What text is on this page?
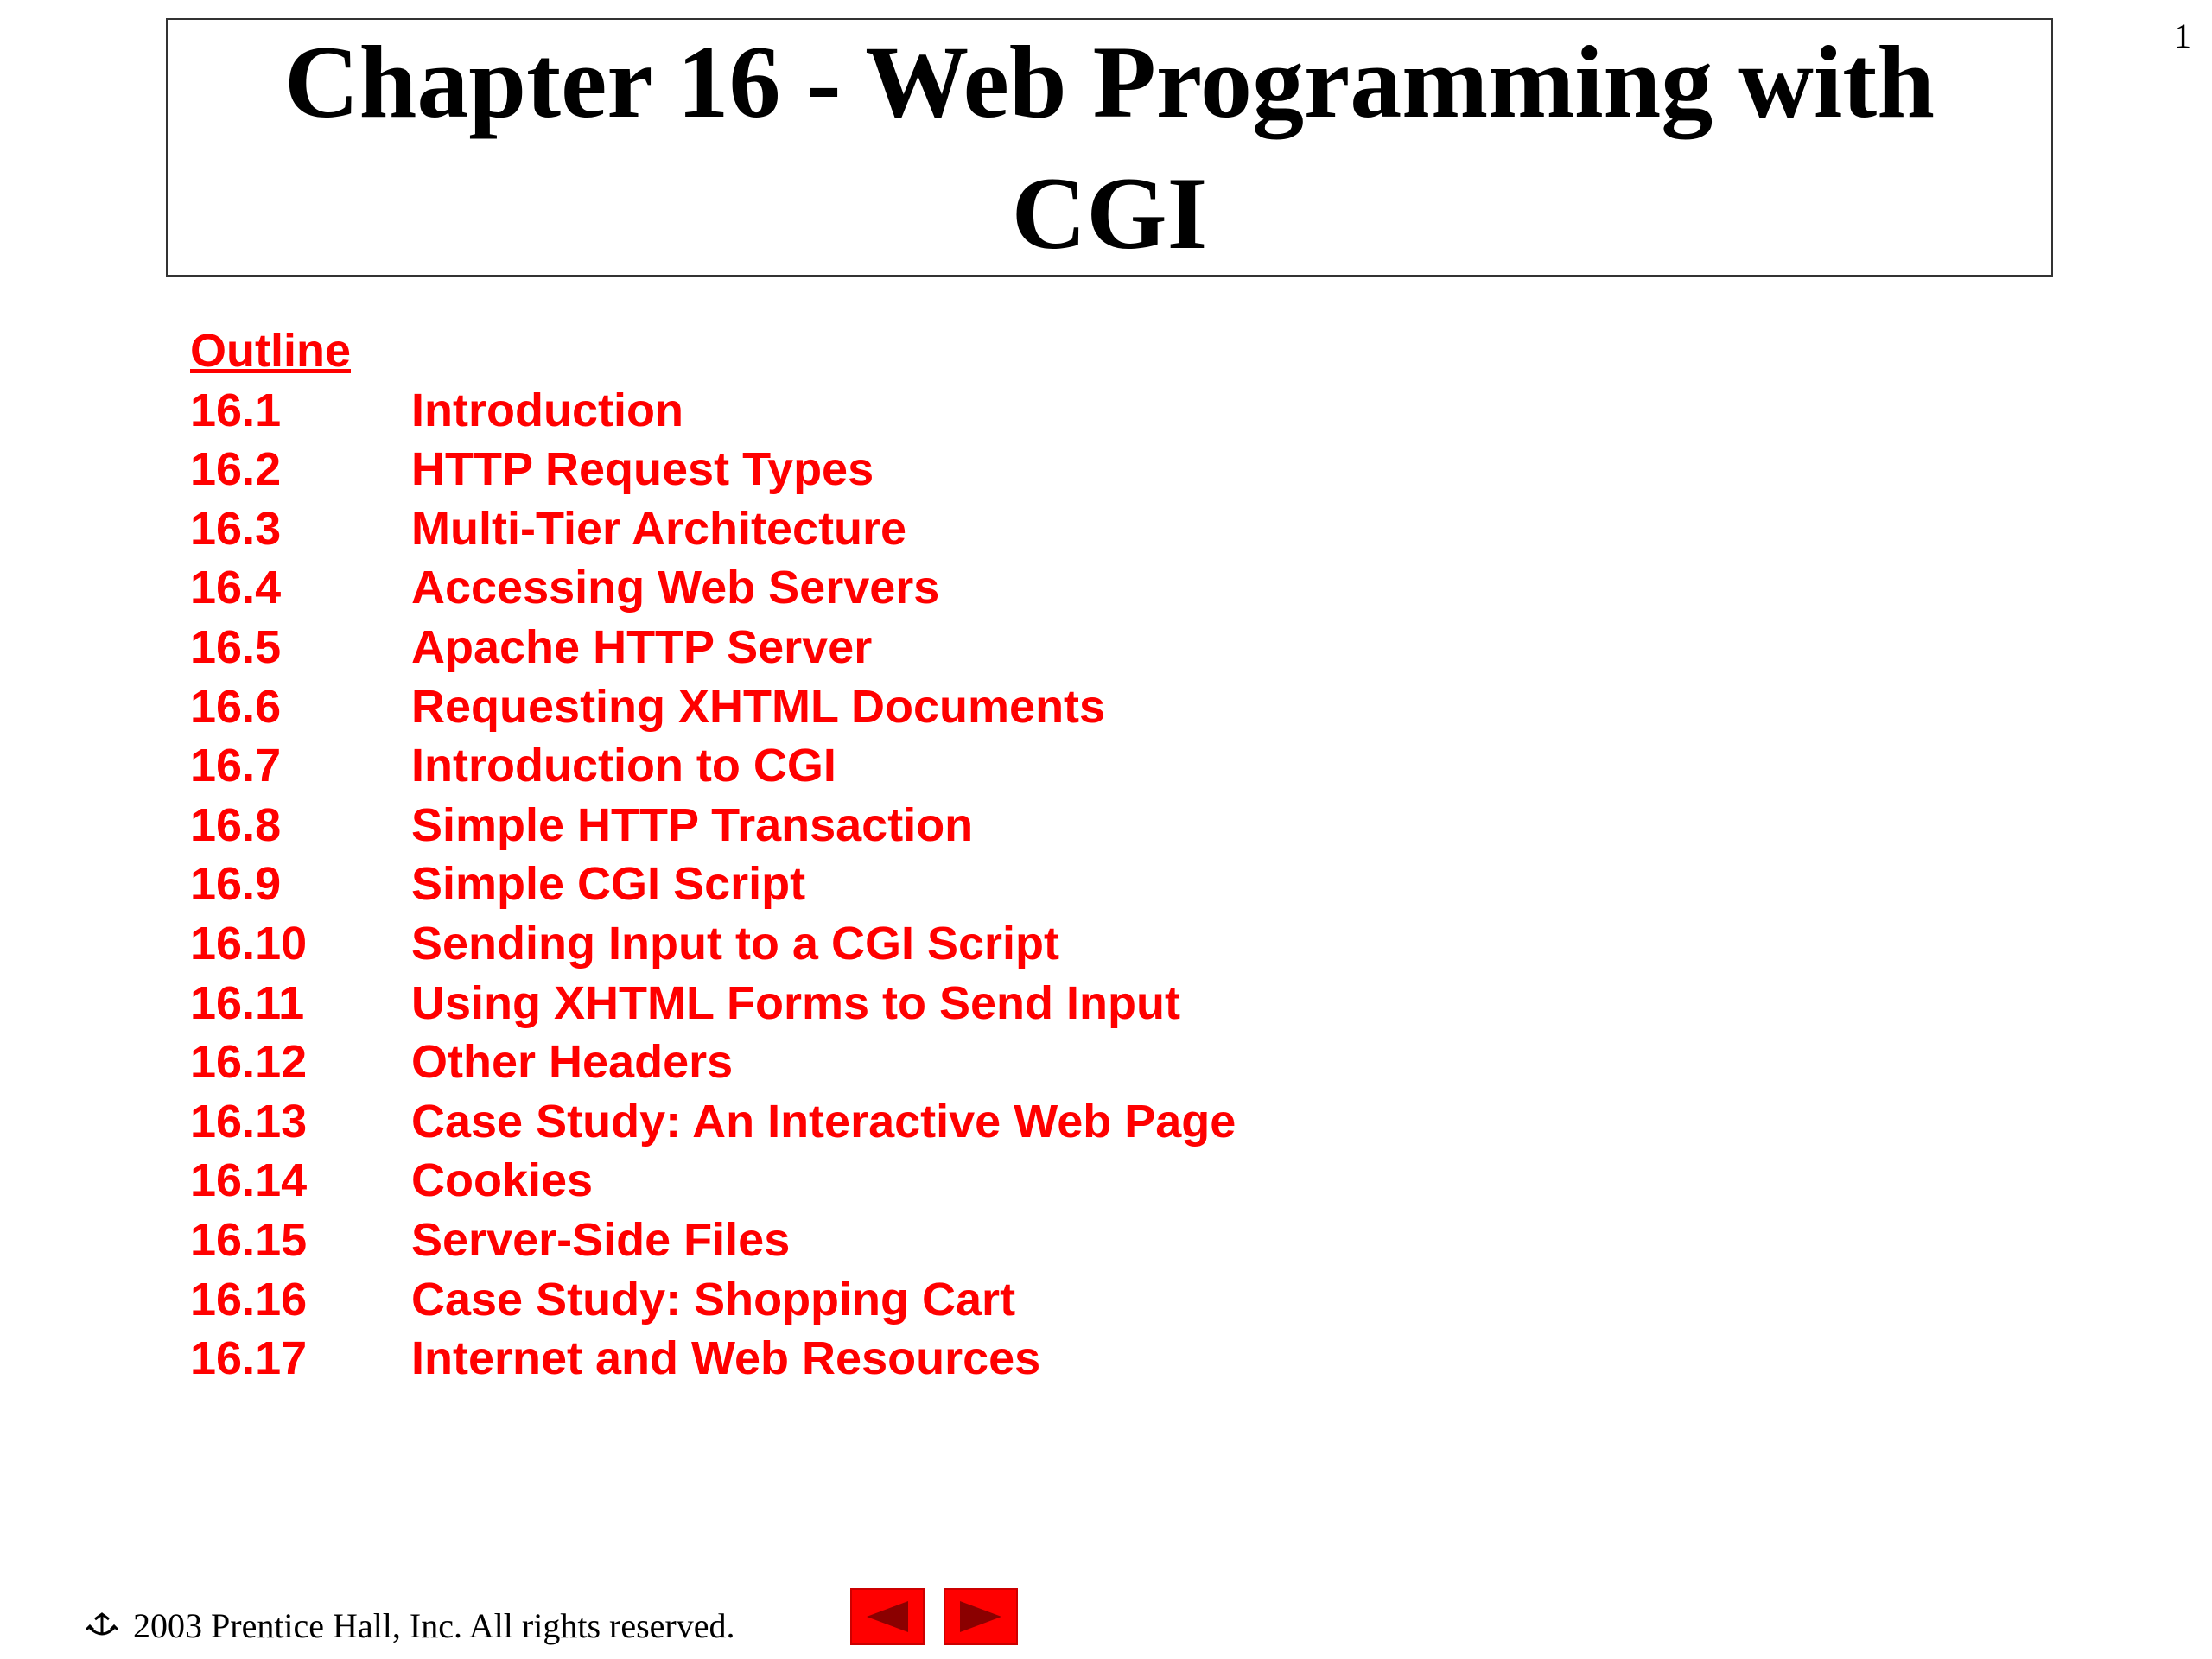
1
Chapter 16 - Web Programming with
CGI
Outline
16.1	Introduction
16.2	HTTP Request Types
16.3	Multi-Tier Architecture
16.4	Accessing Web Servers
16.5	Apache HTTP Server
16.6	Requesting XHTML Documents
16.7	Introduction to CGI
16.8	Simple HTTP Transaction
16.9	Simple CGI Script
16.10	Sending Input to a CGI Script
16.11	Using XHTML Forms to Send Input
16.12	Other Headers
16.13	Case Study: An Interactive Web Page
16.14	Cookies
16.15	Server-Side Files
16.16	Case Study: Shopping Cart
16.17	Internet and Web Resources
2003 Prentice Hall, Inc. All rights reserved.
